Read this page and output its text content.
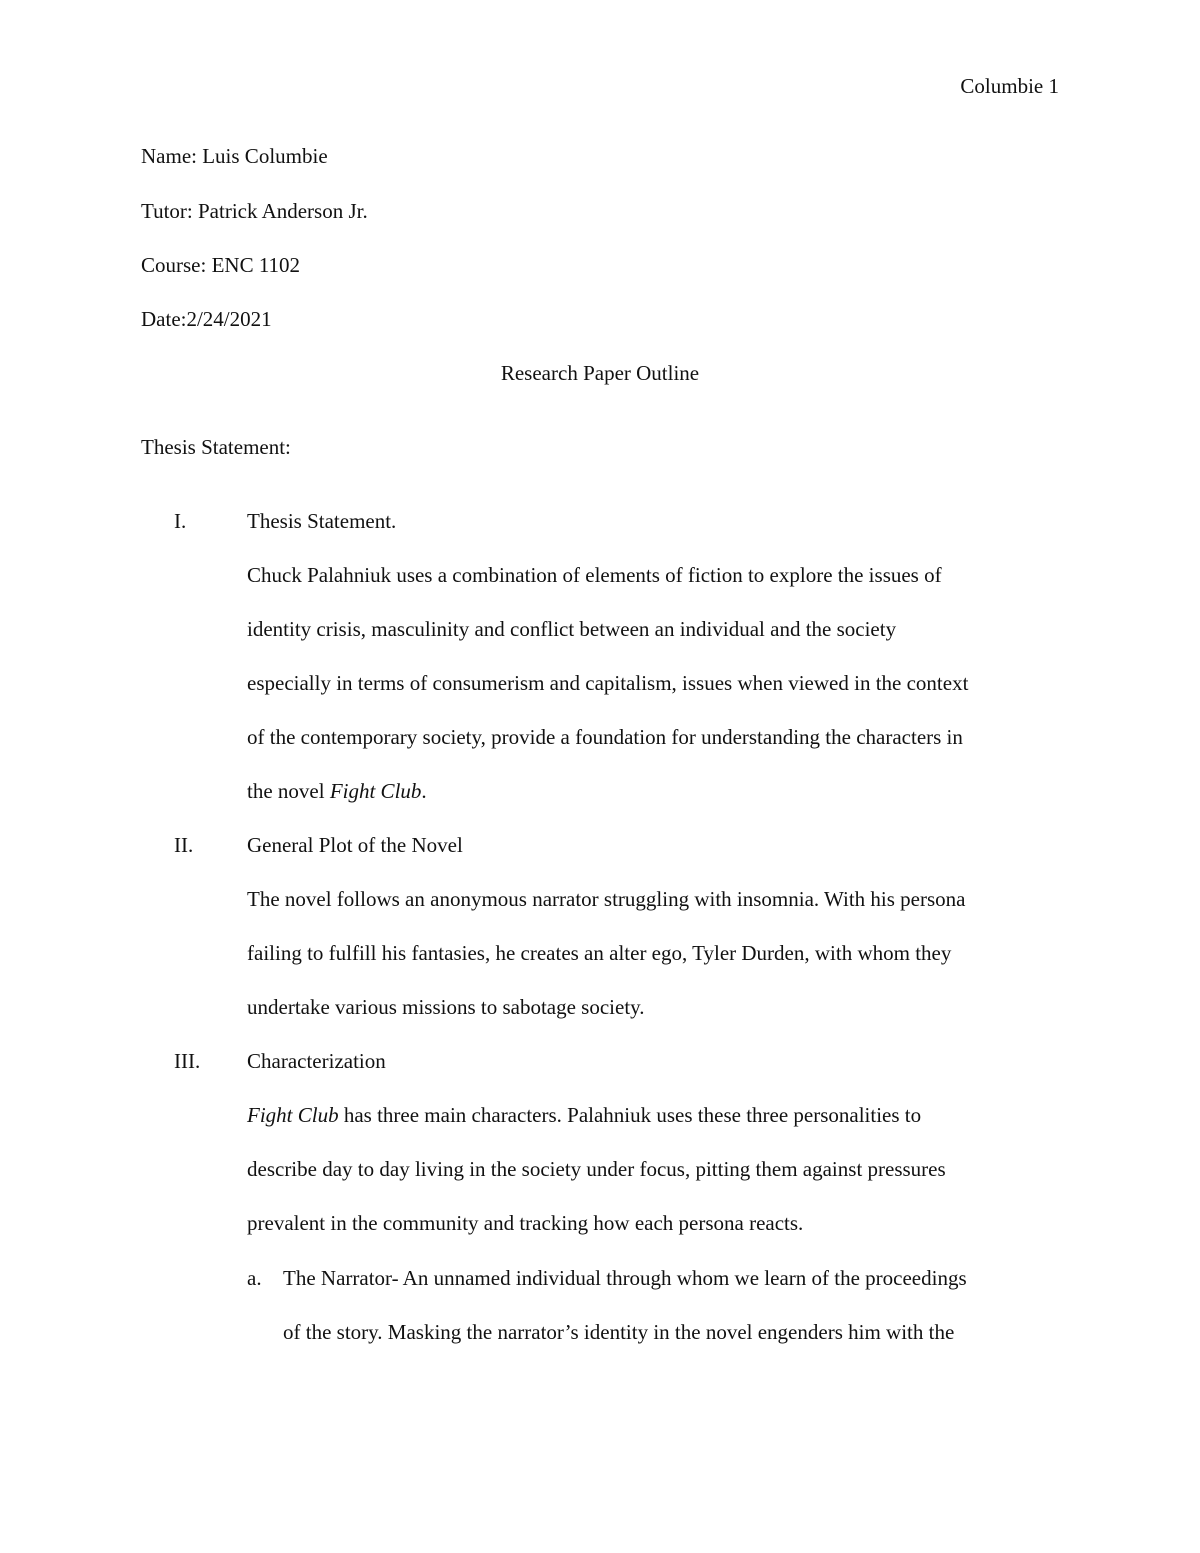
Columbie 1
Name: Luis Columbie
Tutor: Patrick Anderson Jr.
Course: ENC 1102
Date:2/24/2021
Research Paper Outline
Thesis Statement:
I.	Thesis Statement.
Chuck Palahniuk uses a combination of elements of fiction to explore the issues of
identity crisis, masculinity and conflict between an individual and the society
especially in terms of consumerism and capitalism, issues when viewed in the context
of the contemporary society, provide a foundation for understanding the characters in
the novel Fight Club.
II.	General Plot of the Novel
The novel follows an anonymous narrator struggling with insomnia. With his persona
failing to fulfill his fantasies, he creates an alter ego, Tyler Durden, with whom they
undertake various missions to sabotage society.
III. Characterization
Fight Club has three main characters. Palahniuk uses these three personalities to
describe day to day living in the society under focus, pitting them against pressures
prevalent in the community and tracking how each persona reacts.
a. The Narrator- An unnamed individual through whom we learn of the proceedings
of the story. Masking the narrator’s identity in the novel engenders him with the
